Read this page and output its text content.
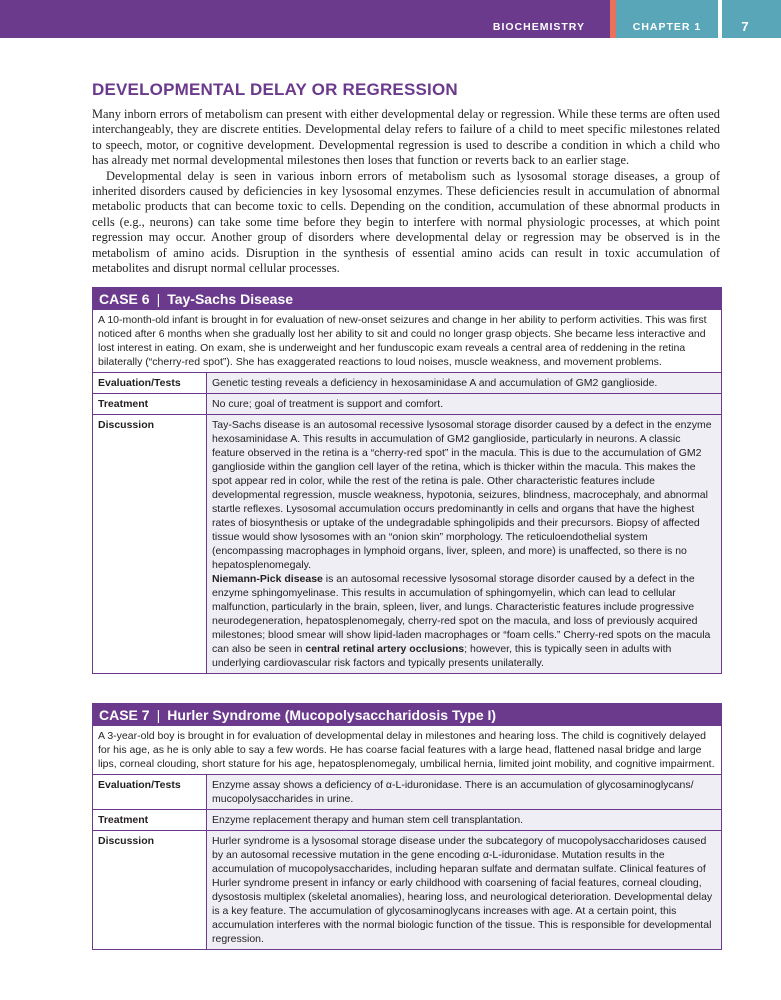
BIOCHEMISTRY	CHAPTER 1	7
DEVELOPMENTAL DELAY OR REGRESSION

Many inborn errors of metabolism can present with either developmental delay or regression. While these terms are often used interchangeably, they are discrete entities. Developmental delay refers to failure of a child to meet specific milestones related to speech, motor, or cognitive development. Developmental regression is used to describe a condition in which a child who has already met normal developmental milestones then loses that function or reverts back to an earlier stage.

Developmental delay is seen in various inborn errors of metabolism such as lysosomal storage diseases, a group of inherited disorders caused by deficiencies in key lysosomal enzymes. These deficiencies result in accumulation of abnormal metabolic products that can become toxic to cells. Depending on the condition, accumulation of these abnormal products in cells (e.g., neurons) can take some time before they begin to interfere with normal physiologic processes, at which point regression may occur. Another group of disorders where developmental delay or regression may be observed is in the metabolism of amino acids. Disruption in the synthesis of essential amino acids can result in toxic accumulation of metabolites and disrupt normal cellular processes.

CASE 6 | Tay-Sachs Disease
A 10-month-old infant is brought in for evaluation of new-onset seizures and change in her ability to perform activities. This was first noticed after 6 months when she gradually lost her ability to sit and could no longer grasp objects. She became less interactive and lost interest in eating. On exam, she is underweight and her funduscopic exam reveals a central area of reddening in the retina bilaterally (“cherry-red spot”). She has exaggerated reactions to loud noises, muscle weakness, and movement problems.
Evaluation/Tests	Genetic testing reveals a deficiency in hexosaminidase A and accumulation of GM2 ganglioside.
Treatment	No cure; goal of treatment is support and comfort.
Discussion	Tay-Sachs disease is an autosomal recessive lysosomal storage disorder caused by a defect in the enzyme hexosaminidase A. This results in accumulation of GM2 ganglioside, particularly in neurons. A classic feature observed in the retina is a “cherry-red spot” in the macula. This is due to the accumulation of GM2 ganglioside within the ganglion cell layer of the retina, which is thicker within the macula. This makes the spot appear red in color, while the rest of the retina is pale. Other characteristic features include developmental regression, muscle weakness, hypotonia, seizures, blindness, macrocephaly, and abnormal startle reflexes. Lysosomal accumulation occurs predominantly in cells and organs that have the highest rates of biosynthesis or uptake of the undegradable sphingolipids and their precursors. Biopsy of affected tissue would show lysosomes with an “onion skin” morphology. The reticuloendothelial system (encompassing macrophages in lymphoid organs, liver, spleen, and more) is unaffected, so there is no hepatosplenomegaly.
Niemann-Pick disease is an autosomal recessive lysosomal storage disorder caused by a defect in the enzyme sphingomyelinase. This results in accumulation of sphingomyelin, which can lead to cellular malfunction, particularly in the brain, spleen, liver, and lungs. Characteristic features include progressive neurodegeneration, hepatosplenomegaly, cherry-red spot on the macula, and loss of previously acquired milestones; blood smear will show lipid-laden macrophages or “foam cells.” Cherry-red spots on the macula can also be seen in central retinal artery occlusions; however, this is typically seen in adults with underlying cardiovascular risk factors and typically presents unilaterally.
CASE 7 | Hurler Syndrome (Mucopolysaccharidosis Type I)
A 3-year-old boy is brought in for evaluation of developmental delay in milestones and hearing loss. The child is cognitively delayed for his age, as he is only able to say a few words. He has coarse facial features with a large head, flattened nasal bridge and large lips, corneal clouding, short stature for his age, hepatosplenomegaly, umbilical hernia, limited joint mobility, and cognitive impairment.
Evaluation/Tests	Enzyme assay shows a deficiency of α-L-iduronidase. There is an accumulation of glycosaminoglycans/ mucopolysaccharides in urine.
Treatment	Enzyme replacement therapy and human stem cell transplantation.
Discussion	Hurler syndrome is a lysosomal storage disease under the subcategory of mucopolysaccharidoses caused by an autosomal recessive mutation in the gene encoding α-L-iduronidase. Mutation results in the accumulation of mucopolysaccharides, including heparan sulfate and dermatan sulfate. Clinical features of Hurler syndrome present in infancy or early childhood with coarsening of facial features, corneal clouding, dysostosis multiplex (skeletal anomalies), hearing loss, and neurological deterioration. Developmental delay is a key feature. The accumulation of glycosaminoglycans increases with age. At a certain point, this accumulation interferes with the normal biologic function of the tissue. This is responsible for developmental regression.
